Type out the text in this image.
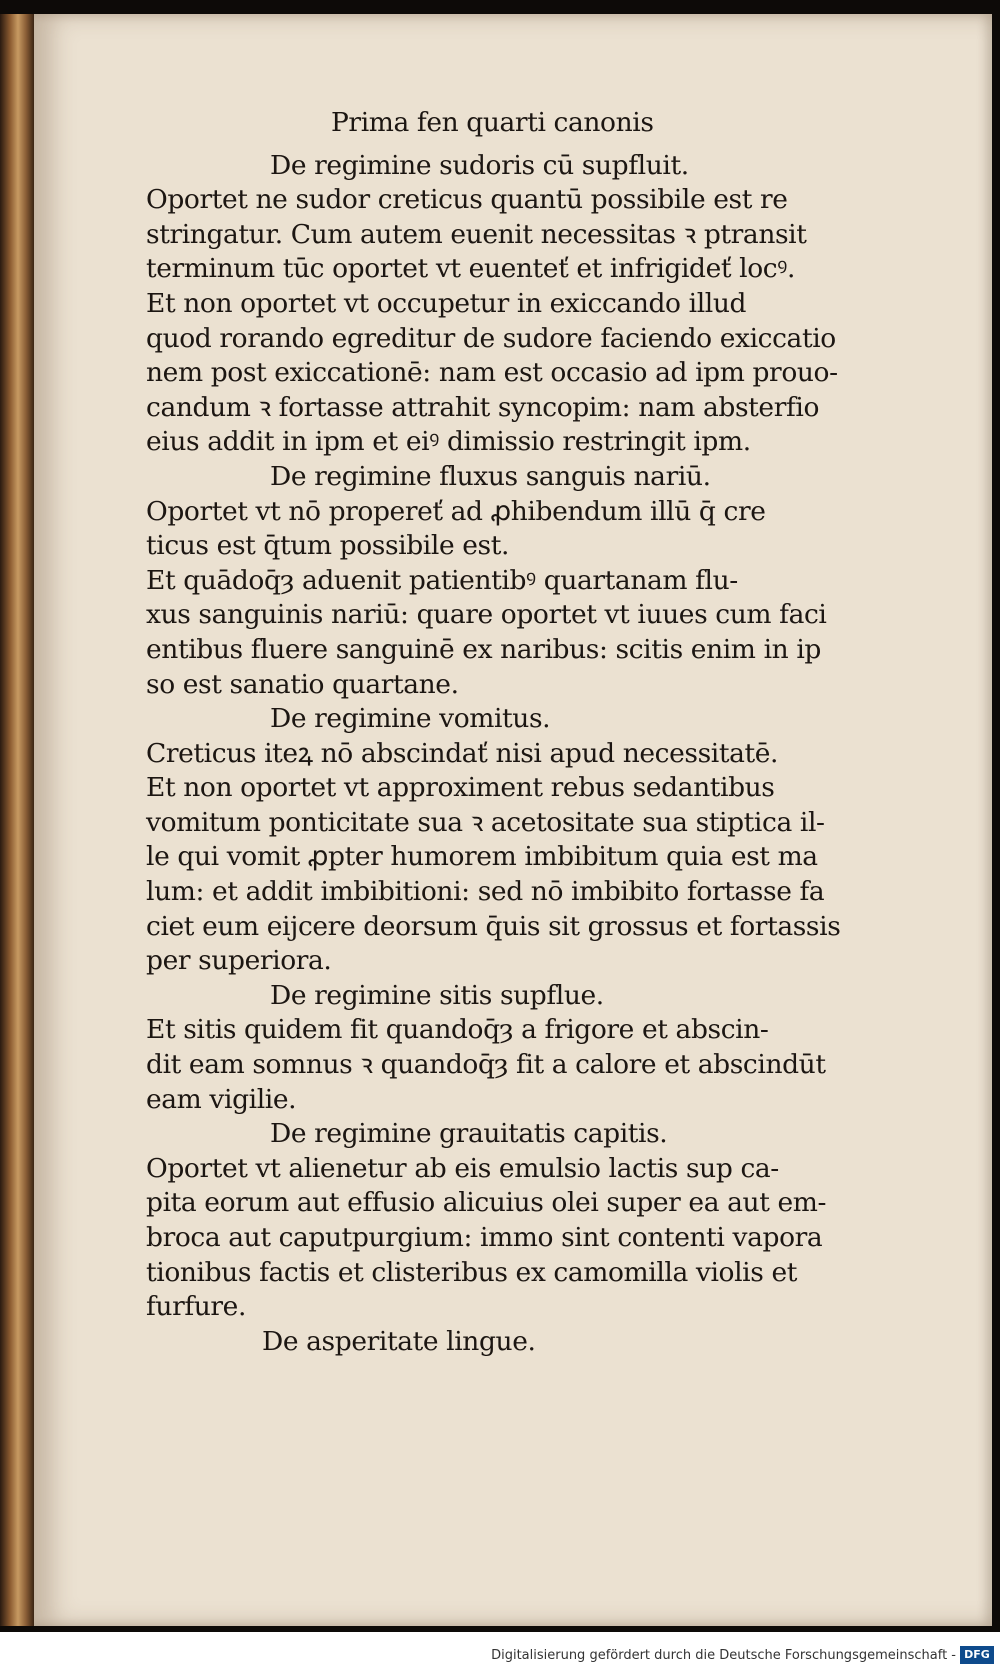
Prima fen quarti canonis
De regimine sudoris cū supfluit.
Oportet ne sudor creticus quantū possibile est re
stringatur. Cum autem euenit necessitas ꝛ ptransit
terminum tūc oportet vt euenteť et infrigideť locꝰ.
Et non oportet vt occupetur in exiccando illud
quod rorando egreditur de sudore faciendo exiccatio
nem post exiccationē: nam est occasio ad ipm prouo-
candum ꝛ fortasse attrahit syncopim: nam absterfio
eius addit in ipm et eiꝰ dimissio restringit ipm.
De regimine fluxus sanguis nariū.
Oportet vt nō propereť ad ꝓhibendum illū q̄ cre
ticus est q̄tum possibile est.
Et quādoq̄ȝ aduenit patientibꝰ quartanam flu-
xus sanguinis nariū: quare oportet vt iuues cum faci
entibus fluere sanguinē ex naribus: scitis enim in ip
so est sanatio quartane.
De regimine vomitus.
Creticus iteꝝ nō abscindať nisi apud necessitatē.
Et non oportet vt approximent rebus sedantibus
vomitum ponticitate sua ꝛ acetositate sua stiptica il-
le qui vomit ꝓpter humorem imbibitum quia est ma
lum: et addit imbibitioni: sed nō imbibito fortasse fa
ciet eum eijcere deorsum q̄uis sit grossus et fortassis
per superiora.
De regimine sitis supflue.
Et sitis quidem fit quandoq̄ȝ a frigore et abscin-
dit eam somnus ꝛ quandoq̄ȝ fit a calore et abscindūt
eam vigilie.
De regimine grauitatis capitis.
Oportet vt alienetur ab eis emulsio lactis sup ca-
pita eorum aut effusio alicuius olei super ea aut em-
broca aut caputpurgium: immo sint contenti vapora
tionibus factis et clisteribus ex camomilla violis et
furfure.
De asperitate lingue.
Digitalisierung gefördert durch die Deutsche Forschungsgemeinschaft - DFG
